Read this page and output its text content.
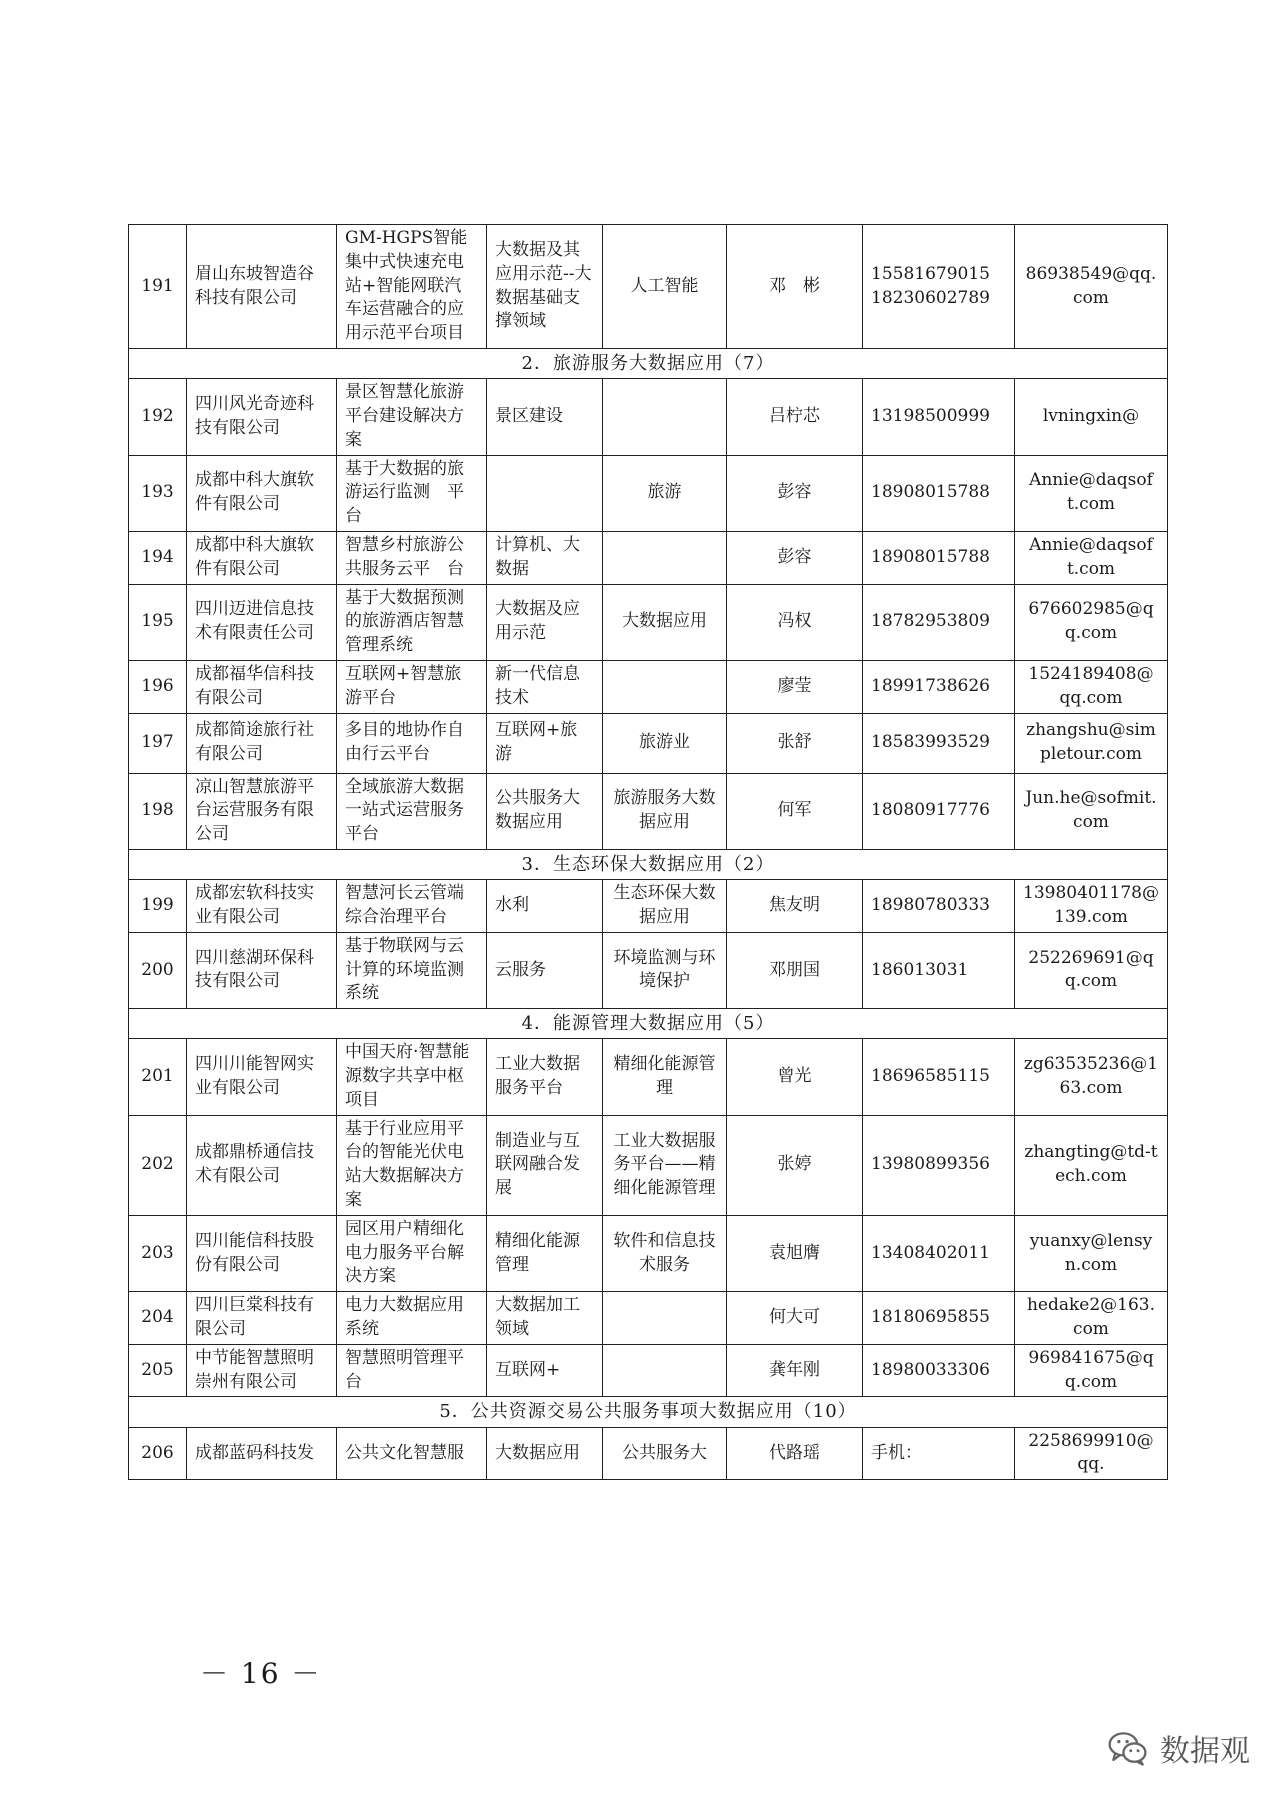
191	眉山东坡智造谷科技有限公司	GM-HGPS智能集中式快速充电站+智能网联汽车运营融合的应用示范平台项目	大数据及其应用示范--大数据基础支撑领域	人工智能	邓　彬	15581679015 18230602789	86938549@qq.com
2．旅游服务大数据应用（7）							
192	四川风光奇迹科技有限公司	景区智慧化旅游平台建设解决方案	景区建设		吕柠芯	13198500999	lvningxin@
193	成都中科大旗软件有限公司	基于大数据的旅游运行监测　平台		旅游	彭容	18908015788	Annie@daqsoft.com
194	成都中科大旗软件有限公司	智慧乡村旅游公共服务云平　台	计算机、大数据		彭容	18908015788	Annie@daqsoft.com
195	四川迈进信息技术有限责任公司	基于大数据预测的旅游酒店智慧管理系统	大数据及应用示范	大数据应用	冯权	18782953809	676602985@qq.com
196	成都福华信科技有限公司	互联网+智慧旅游平台	新一代信息技术		廖莹	18991738626	1524189408@qq.com
197	成都简途旅行社有限公司	多目的地协作自由行云平台	互联网+旅游	旅游业	张舒	18583993529	zhangshu@simpletour.com
198	凉山智慧旅游平台运营服务有限公司	全域旅游大数据一站式运营服务平台	公共服务大数据应用	旅游服务大数据应用	何军	18080917776	Jun.he@sofmit.com
3．生态环保大数据应用（2）							
199	成都宏软科技实业有限公司	智慧河长云管端综合治理平台	水利	生态环保大数据应用	焦友明	18980780333	13980401178@139.com
200	四川慈湖环保科技有限公司	基于物联网与云计算的环境监测系统	云服务	环境监测与环境保护	邓朋国	186013031	252269691@qq.com
4．能源管理大数据应用（5）							
201	四川川能智网实业有限公司	中国天府·智慧能源数字共享中枢项目	工业大数据服务平台	精细化能源管理	曾光	18696585115	zg63535236@163.com
202	成都鼎桥通信技术有限公司	基于行业应用平台的智能光伏电站大数据解决方案	制造业与互联网融合发展	工业大数据服务平台——精细化能源管理	张婷	13980899356	zhangting@td-tech.com
203	四川能信科技股份有限公司	园区用户精细化电力服务平台解决方案	精细化能源管理	软件和信息技术服务	袁旭膺	13408402011	yuanxy@lensyn.com
204	四川巨棠科技有限公司	电力大数据应用系统	大数据加工领域		何大可	18180695855	hedake2@163.com
205	中节能智慧照明崇州有限公司	智慧照明管理平台	互联网+		龚年刚	18980033306	969841675@qq.com
5．公共资源交易公共服务事项大数据应用（10）							
206	成都蓝码科技发	公共文化智慧服	大数据应用	公共服务大	代路瑶	手机：	2258699910@qq.
－ 16 －
数据观
